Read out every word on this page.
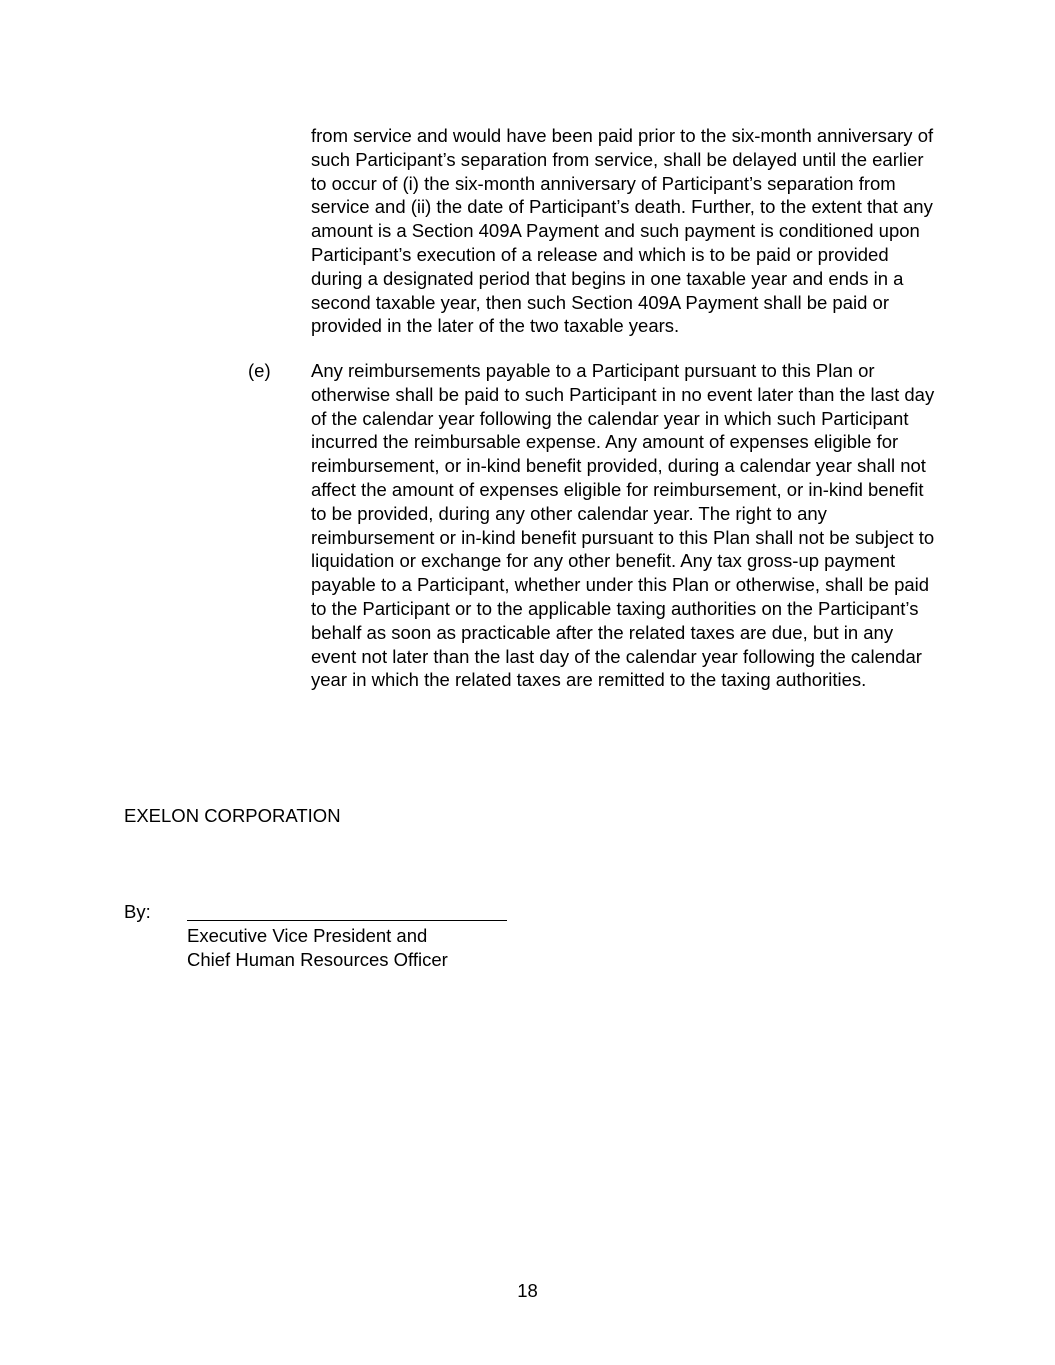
from service and would have been paid prior to the six-month anniversary of such Participant’s separation from service, shall be delayed until the earlier to occur of (i) the six-month anniversary of Participant’s separation from service and (ii) the date of Participant’s death. Further, to the extent that any amount is a Section 409A Payment and such payment is conditioned upon Participant’s execution of a release and which is to be paid or provided during a designated period that begins in one taxable year and ends in a second taxable year, then such Section 409A Payment shall be paid or provided in the later of the two taxable years.

(e) Any reimbursements payable to a Participant pursuant to this Plan or otherwise shall be paid to such Participant in no event later than the last day of the calendar year following the calendar year in which such Participant incurred the reimbursable expense. Any amount of expenses eligible for reimbursement, or in-kind benefit provided, during a calendar year shall not affect the amount of expenses eligible for reimbursement, or in-kind benefit to be provided, during any other calendar year. The right to any reimbursement or in-kind benefit pursuant to this Plan shall not be subject to liquidation or exchange for any other benefit. Any tax gross-up payment payable to a Participant, whether under this Plan or otherwise, shall be paid to the Participant or to the applicable taxing authorities on the Participant’s behalf as soon as practicable after the related taxes are due, but in any event not later than the last day of the calendar year following the calendar year in which the related taxes are remitted to the taxing authorities.

EXELON CORPORATION

By:

Executive Vice President and

Chief Human Resources Officer

18
